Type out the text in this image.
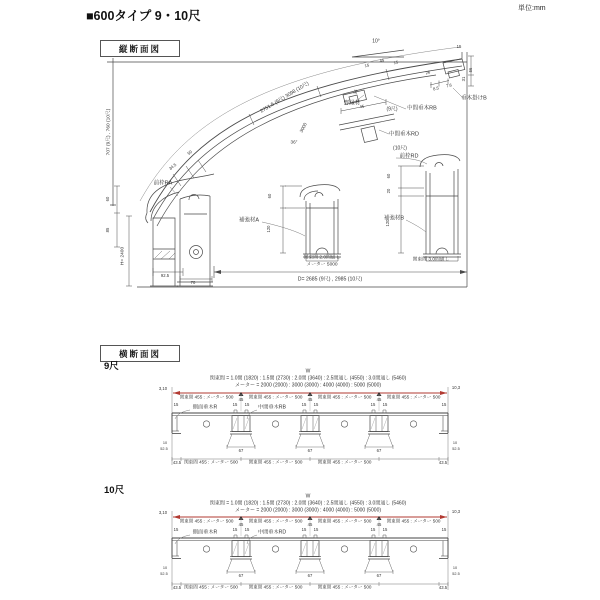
■600タイプ 9・10尺
単位:mm
縦断面図
横断面図
9尺
10尺
10°
15
56
31
8.5 7.6
垂木掛けB
45
15
15
26
36
2751.5 (9尺) 3098 (10尺)
3000
36°
707 (9尺) , 760 (10尺)
34.5
50
野縁材
(9尺) 中間垂木RB
中間垂木RD
(10尺)
前枠RD
前枠RA
補強材A	補強材B
H= 2400
60
85
92.5
70
60
120
60
20
120
45
関東間 2.0間通し
メーター 5000
関東間 3.0間通し
D= 2685 (9尺) , 2985 (10尺)
W
関東間 = 1.0間 (1820) : 1.5間 (2730) : 2.0間 (3640) : 2.5間通し (4550) : 3.0間通し (5460)
メーター = 2000 (2000) : 3000 (3000) : 4000 (4000) : 5000 (5000)
3,10	10,3
関東間 455 : メーター 500	関東間 455 : メーター 500	関東間 455 : メーター 500	関東間 455 : メーター 500
15
10
52.5
43.5
15
10
52.5
43.5
15 15
45
67
15 15
45
67
15 15
45
67
関東間 455 : メーター 500 関東間 455 : メーター 500	関東間 455 : メーター 500
側面垂木R	中間垂木RB
W
関東間 = 1.0間 (1820) : 1.5間 (2730) : 2.0間 (3640) : 2.5間通し (4550) : 3.0間通し (5460)
メーター = 2000 (2000) : 3000 (3000) : 4000 (4000) : 5000 (5000)
3,10	10,3
関東間 455 : メーター 500	関東間 455 : メーター 500	関東間 455 : メーター 500	関東間 455 : メーター 500
15
10
52.5
43.5
15
10
52.5
43.5
15 15
45
67
15 15
45
67
15 15
45
67
関東間 455 : メーター 500 関東間 455 : メーター 500	関東間 455 : メーター 500
側面垂木R	中間垂木RD
